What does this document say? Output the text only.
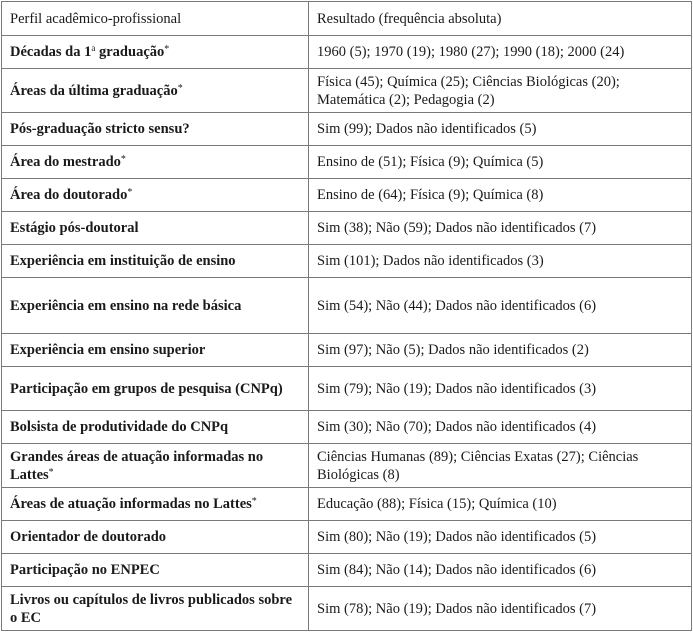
Perfil acadêmico-profissional	Resultado (frequência absoluta)
Décadas da 1$^a$ graduação*	1960 (5); 1970 (19); 1980 (27); 1990 (18); 2000 (24)
Áreas da última graduação*	Física (45); Química (25); Ciências Biológicas (20); Matemática (2); Pedagogia (2)
Pós-graduação stricto sensu?	Sim (99); Dados não identificados (5)
Área do mestrado*	Ensino de (51); Física (9); Química (5)
Área do doutorado*	Ensino de (64); Física (9); Química (8)
Estágio pós-doutoral	Sim (38); Não (59); Dados não identificados (7)
Experiência em instituição de ensino	Sim (101); Dados não identificados (3)
Experiência em ensino na rede básica	Sim (54); Não (44); Dados não identificados (6)
Experiência em ensino superior	Sim (97); Não (5); Dados não identificados (2)
Participação em grupos de pesquisa (CNPq)	Sim (79); Não (19); Dados não identificados (3)
Bolsista de produtividade do CNPq	Sim (30); Não (70); Dados não identificados (4)
Grandes áreas de atuação informadas no Lattes*	Ciências Humanas (89); Ciências Exatas (27); Ciências Biológicas (8)
Áreas de atuação informadas no Lattes*	Educação (88); Física (15); Química (10)
Orientador de doutorado	Sim (80); Não (19); Dados não identificados (5)
Participação no ENPEC	Sim (84); Não (14); Dados não identificados (6)
Livros ou capítulos de livros publicados sobre o EC	Sim (78); Não (19); Dados não identificados (7)
